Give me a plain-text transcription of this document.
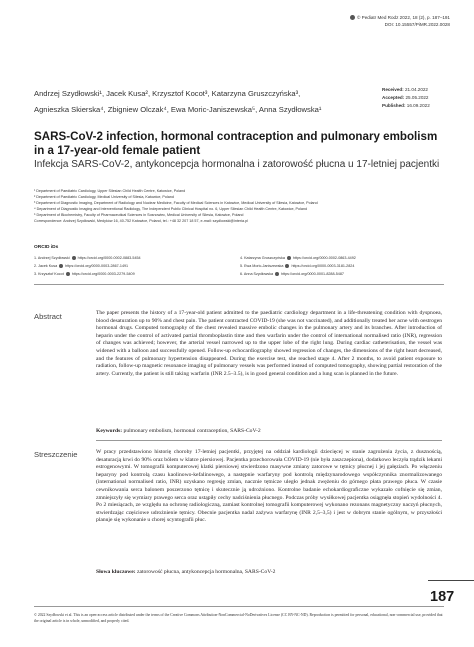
© Pediatr Med Rodz 2022, 18 (2), p. 187–191
DOI: 10.15557/PiMR.2022.0028
Andrzej Szydłowski¹, Jacek Kusa², Krzysztof Kocot³, Katarzyna Gruszczyńska³,
Agnieszka Skierska⁴, Zbigniew Olczak⁴, Ewa Moric-Janiszewska⁵, Anna Szydłowska¹
Received: 21.04.2022
Accepted: 25.05.2022
Published: 16.09.2022
SARS-CoV-2 infection, hormonal contraception and pulmonary embolism in a 17-year-old female patient
Infekcja SARS-CoV-2, antykoncepcja hormonalna i zatorowość płucna u 17-letniej pacjentki
¹ Department of Paediatric Cardiology, Upper Silesian Child Health Centre, Katowice, Poland
² Department of Paediatric Cardiology, Medical University of Silesia, Katowice, Poland
³ Department of Diagnostic Imaging, Department of Radiology and Nuclear Medicine, Faculty of Medical Sciences in Katowice, Medical University of Silesia, Katowice, Poland
⁴ Department of Diagnostic Imaging and Interventional Radiology, The Independent Public Clinical Hospital no. 6, Upper Silesian Child Health Centre, Katowice, Poland
⁵ Department of Biochemistry, Faculty of Pharmaceutical Sciences in Sosnowiec, Medical University of Silesia, Katowice, Poland
Correspondence: Andrzej Szydłowski, Medyków 16, 40-752 Katowice, Poland, tel.: +48 32 207 18 57, e-mail: szydlowski@interia.pl
ORCID iDs
1. Andrzej Szydłowski https://orcid.org/0000-0002-0883-5454
2. Jacek Kusa https://orcid.org/0000-0003-2867-1491
3. Krzysztof Kocot https://orcid.org/0000-0003-2279-5409
4. Katarzyna Gruszczyńska https://orcid.org/0000-0002-0863-4492
5. Ewa Moric-Janiszewska https://orcid.org/0000-0003-3181-2824
6. Anna Szydłowska https://orcid.org/0000-0001-8288-5487
Abstract	The paper presents the history of a 17-year-old patient admitted to the paediatric cardiology department in a life-threatening condition with dyspnoea, blood desaturation up to 90% and chest pain. The patient contracted COVID-19 (she was not vaccinated), and additionally treated her acne with oestrogen hormonal drugs. Computed tomography of the chest revealed massive embolic changes in the pulmonary artery and its branches. After introduction of heparin under the control of activated partial thromboplastin time and then warfarin under the control of international normalised ratio (INR), regression of changes was achieved; however, the arterial vessel narrowed up to the upper lobe of the right lung. During cardiac catheterisation, the vessel was widened with a balloon and successfully opened. Follow-up echocardiography showed regression of changes, the dimensions of the right heart decreased, and the features of pulmonary hypertension disappeared. During the exercise test, she reached stage 4. After 2 months, to avoid patient exposure to radiation, follow-up magnetic resonance imaging of pulmonary vessels was performed instead of computed tomography, showing partial restoration of the artery. Currently, the patient is still taking warfarin (INR 2.5–3.5), is in good general condition and a lung scan is planned in the future.
Keywords: pulmonary embolism, hormonal contraception, SARS-CoV-2
Streszczenie	W pracy przedstawiono historię choroby 17-letniej pacjentki, przyjętej na oddział kardiologii dziecięcej w stanie zagrożenia życia, z dusznością, desaturacją krwi do 90% oraz bólem w klatce piersiowej. Pacjentka przechorowała COVID-19 (nie była zaszczepiona), dodatkowo leczyła trądzik lekami estrogenowymi. W tomografii komputerowej klatki piersiowej stwierdzono masywne zmiany zatorowe w tętnicy płucnej i jej gałęziach. Po włączeniu heparyny pod kontrolą czasu kaolinowo-kefalinowego, a następnie warfaryny pod kontrolą międzynarodowego współczynnika znormalizowanego (international normalised ratio, INR) uzyskano regresję zmian, nacznie tętnicze uległo jednak zwężeniu do górnego płata prawego płuca. W czasie cewnikowania serca balonem poszerzono tętnicę i skutecznie ją udrożniono. Kontrolne badanie echokardiograficzne wykazało cofnięcie się zmian, zmniejszyły się wymiary prawego serca oraz ustąpiły cechy nadciśnienia płucnego. Podczas próby wysiłkowej pacjentka osiągnęła stopień wydolności 4. Po 2 miesiącach, ze względu na ochronę radiologiczną, zamiast kontrolnej tomografii komputerowej wykonano rezonans magnetyczny naczyń płucnych, stwierdzając częściowe udrożnienie tętnicy. Obecnie pacjentka nadal zażywa warfarynę (INR 2,5–3,5) i jest w dobrym stanie ogólnym, w przyszłości planuje się wykonanie u chorej scyntografii płuc.
Słowa kluczowe: zatorowość płucna, antykoncepcja hormonalna, SARS-CoV-2
187
© 2022 Szydłowski et al. This is an open-access article distributed under the terms of the Creative Commons Attribution-NonCommercial-NoDerivatives License (CC BY-NC-ND). Reproduction is permitted for personal, educational, non-commercial use, provided that the original article is in whole, unmodified, and properly cited.
